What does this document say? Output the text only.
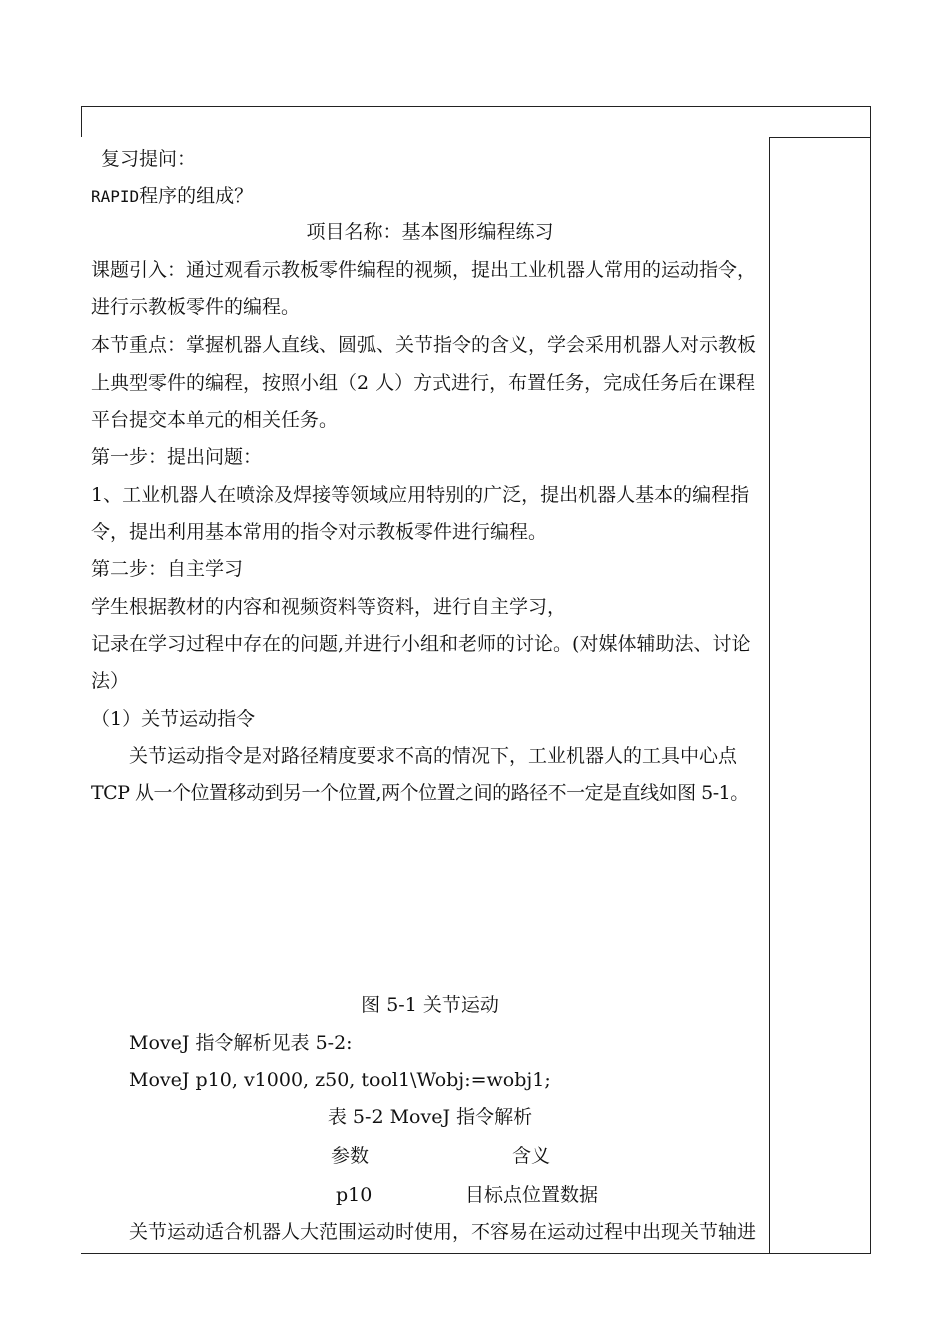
复习提问：
RAPID程序的组成？
项目名称：基本图形编程练习
课题引入：通过观看示教板零件编程的视频，提出工业机器人常用的运动指令，
进行示教板零件的编程。
本节重点：掌握机器人直线、圆弧、关节指令的含义，学会采用机器人对示教板
上典型零件的编程，按照小组（2 人）方式进行，布置任务，完成任务后在课程
平台提交本单元的相关任务。
第一步：提出问题：
1、工业机器人在喷涂及焊接等领域应用特别的广泛，提出机器人基本的编程指
令，提出利用基本常用的指令对示教板零件进行编程。
第二步：自主学习
学生根据教材的内容和视频资料等资料，进行自主学习，
记录在学习过程中存在的问题,并进行小组和老师的讨论。(对媒体辅助法、讨论
法）
（1）关节运动指令
关节运动指令是对路径精度要求不高的情况下，工业机器人的工具中心点
TCP 从一个位置移动到另一个位置,两个位置之间的路径不一定是直线如图 5-1。
图 5-1 关节运动
MoveJ 指令解析见表 5-2:
MoveJ p10, v1000, z50, tool1\Wobj:=wobj1;
表 5-2 MoveJ 指令解析
参数	含义
p10	目标点位置数据
关节运动适合机器人大范围运动时使用，不容易在运动过程中出现关节轴进
